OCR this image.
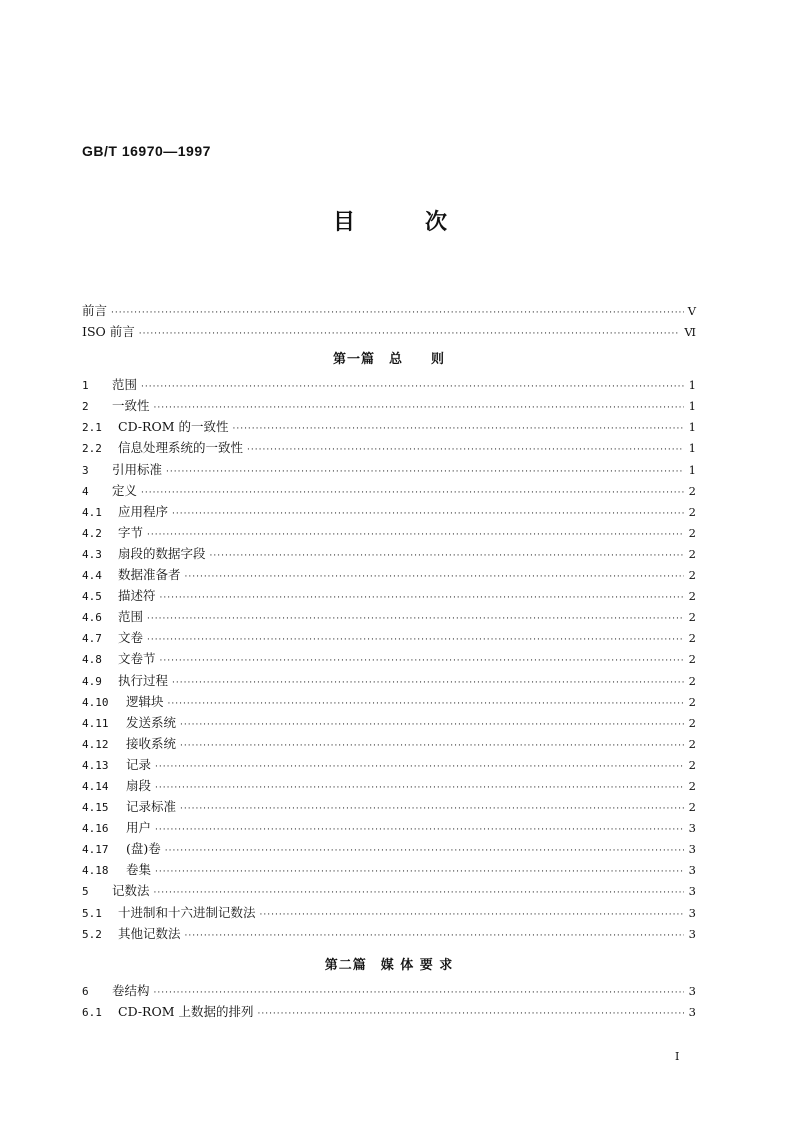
GB/T 16970—1997
目	次
前言 ·····	Ⅴ
ISO 前言 ·····	Ⅵ
第一篇　总　　则
1 范围 ·····	1
2 一致性 ·····	1
2.1 CD-ROM 的一致性 ·····	1
2.2 信息处理系统的一致性 ·····	1
3 引用标准 ·····	1
4 定义 ·····	2
4.1 应用程序 ·····	2
4.2 字节 ·····	2
4.3 扇段的数据字段 ·····	2
4.4 数据准备者 ·····	2
4.5 描述符 ·····	2
4.6 范围 ·····	2
4.7 文卷 ·····	2
4.8 文卷节 ·····	2
4.9 执行过程 ·····	2
4.10 逻辑块 ·····	2
4.11 发送系统 ·····	2
4.12 接收系统 ·····	2
4.13 记录 ·····	2
4.14 扇段 ·····	2
4.15 记录标准 ·····	2
4.16 用户 ·····	3
4.17 (盘)卷 ·····	3
4.18 卷集 ·····	3
5 记数法 ·····	3
5.1 十进制和十六进制记数法 ·····	3
5.2 其他记数法 ·····	3
第二篇　媒 体 要 求
6 卷结构 ·····	3
6.1 CD-ROM 上数据的排列 ·····	3
Ⅰ
